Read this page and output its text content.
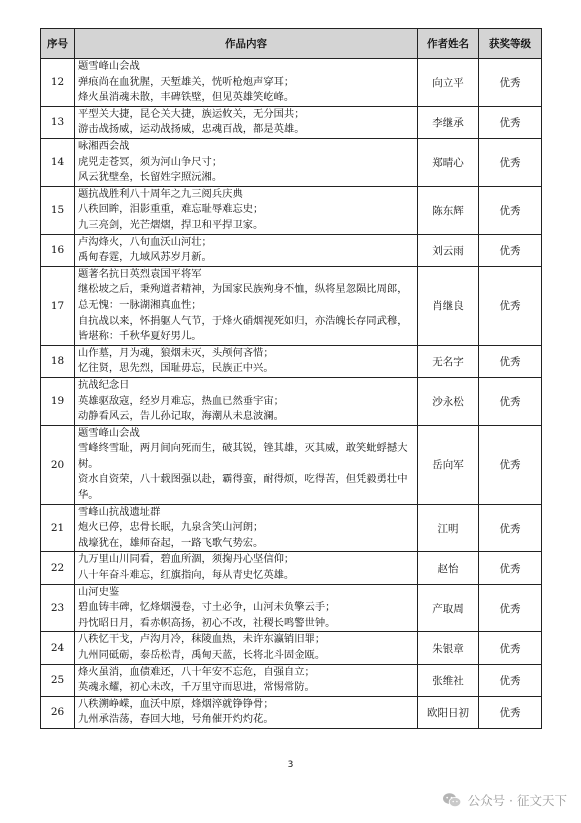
序号	作品内容	作者姓名	获奖等级
12	题雪峰山会战
弹痕尚在血犹腥，天堑雄关，恍听枪炮声穿耳；
烽火虽消魂未散，丰碑铁壁，但见英雄笑屹峰。	向立平	优秀
13	平型关大捷，昆仑关大捷，族运攸关，无分国共；
游击战扬威，运动战扬威，忠魂百战，都是英雄。	李继承	优秀
14	咏湘西会战
虎兕走苍冥，须为河山争尺寸；
风云犹壁垒，长留姓字照沅湘。	郑晴心	优秀
15	题抗战胜利八十周年之九三阅兵庆典
八秩回眸，泪影重重，难忘耻辱难忘史；
九三亮剑，光芒熠熠，捍卫和平捍卫家。	陈东辉	优秀
16	卢沟烽火，八旬血沃山河壮；
禹甸春霆，九域风苏岁月新。	刘云雨	优秀
17	题著名抗日英烈袁国平将军
继松坡之后，秉殉道者精神，为国家民族殉身不恤，纵将星忽陨比周郎，总无愧：一脉湖湘真血性；
自抗战以来，怀捐躯人气节，于烽火硝烟视死如归，亦浩魄长存同武穆，皆堪称：千秋华夏好男儿。	肖继良	优秀
18	山作墓，月为魂，狼烟未灭，头颅何吝惜；
忆往贤，思先烈，国耻毋忘，民族正中兴。	无名字	优秀
19	抗战纪念日
英雄驱敌寇，经岁月难忘，热血已然垂宇宙；
动静看风云，告儿孙记取，海潮从未息波澜。	沙永松	优秀
20	题雪峰山会战
雪峰终雪耻，两月间向死而生，破其锐，锉其雄，灭其威，敢笑蚍蜉撼大树。
资水自资荣，八十载图强以赴，霸得蛮，耐得烦，吃得苦，但凭毅勇壮中华。	岳向军	优秀
21	雪峰山抗战遗址群
炮火已停，忠骨长眠，九泉含笑山河朗；
战壕犹在，雄师奋起，一路飞歌气势宏。	江明	优秀
22	九万里山川同看，碧血所涸，须掬丹心坚信仰；
八十年奋斗难忘，红旗指向，每从青史忆英雄。	赵怡	优秀
23	山河史鉴
碧血铸丰碑，忆烽烟漫卷，寸土必争，山河未负擎云手；
丹忱昭日月，看赤帜高扬，初心不改，社稷长鸣警世钟。	产取周	优秀
24	八秩忆干戈，卢沟月冷，秣陵血热，未许东瀛销旧罪；
九州同砥砺，泰岳松青，禹甸天蓝，长将北斗固金瓯。	朱银章	优秀
25	烽火虽消，血债难还，八十年安不忘危，自强自立；
英魂永耀，初心未改，千万里守而思进，常惕常防。	张维社	优秀
26	八秩溯峥嵘，血沃中原，烽烟淬就铮铮骨；
九州承浩荡，春回大地，号角催开灼灼花。	欧阳日初	优秀
3
公众号 · 征文天下
